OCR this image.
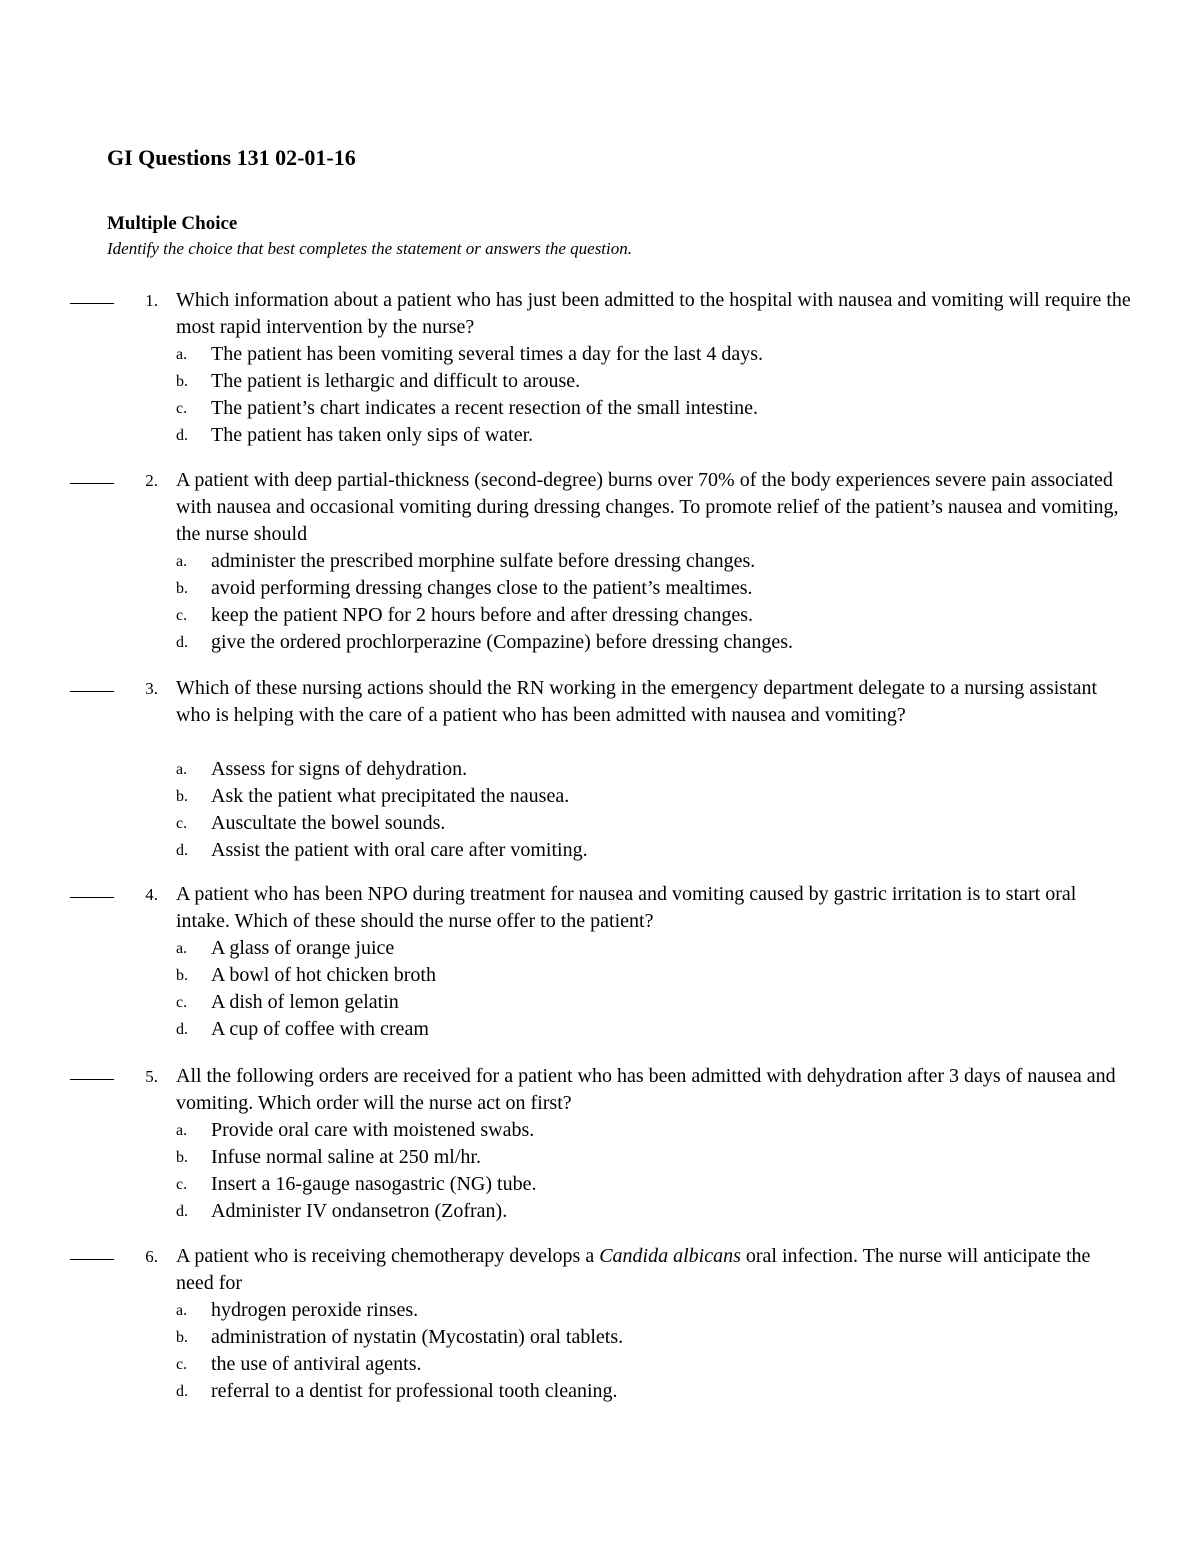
GI Questions 131 02-01-16
Multiple Choice
Identify the choice that best completes the statement or answers the question.
1. Which information about a patient who has just been admitted to the hospital with nausea and vomiting will require the most rapid intervention by the nurse?
a. The patient has been vomiting several times a day for the last 4 days.
b. The patient is lethargic and difficult to arouse.
c. The patient’s chart indicates a recent resection of the small intestine.
d. The patient has taken only sips of water.
2. A patient with deep partial-thickness (second-degree) burns over 70% of the body experiences severe pain associated with nausea and occasional vomiting during dressing changes. To promote relief of the patient’s nausea and vomiting, the nurse should
a. administer the prescribed morphine sulfate before dressing changes.
b. avoid performing dressing changes close to the patient’s mealtimes.
c. keep the patient NPO for 2 hours before and after dressing changes.
d. give the ordered prochlorperazine (Compazine) before dressing changes.
3. Which of these nursing actions should the RN working in the emergency department delegate to a nursing assistant who is helping with the care of a patient who has been admitted with nausea and vomiting?
a. Assess for signs of dehydration.
b. Ask the patient what precipitated the nausea.
c. Auscultate the bowel sounds.
d. Assist the patient with oral care after vomiting.
4. A patient who has been NPO during treatment for nausea and vomiting caused by gastric irritation is to start oral intake. Which of these should the nurse offer to the patient?
a. A glass of orange juice
b. A bowl of hot chicken broth
c. A dish of lemon gelatin
d. A cup of coffee with cream
5. All the following orders are received for a patient who has been admitted with dehydration after 3 days of nausea and vomiting. Which order will the nurse act on first?
a. Provide oral care with moistened swabs.
b. Infuse normal saline at 250 ml/hr.
c. Insert a 16-gauge nasogastric (NG) tube.
d. Administer IV ondansetron (Zofran).
6. A patient who is receiving chemotherapy develops a Candida albicans oral infection. The nurse will anticipate the need for
a. hydrogen peroxide rinses.
b. administration of nystatin (Mycostatin) oral tablets.
c. the use of antiviral agents.
d. referral to a dentist for professional tooth cleaning.
